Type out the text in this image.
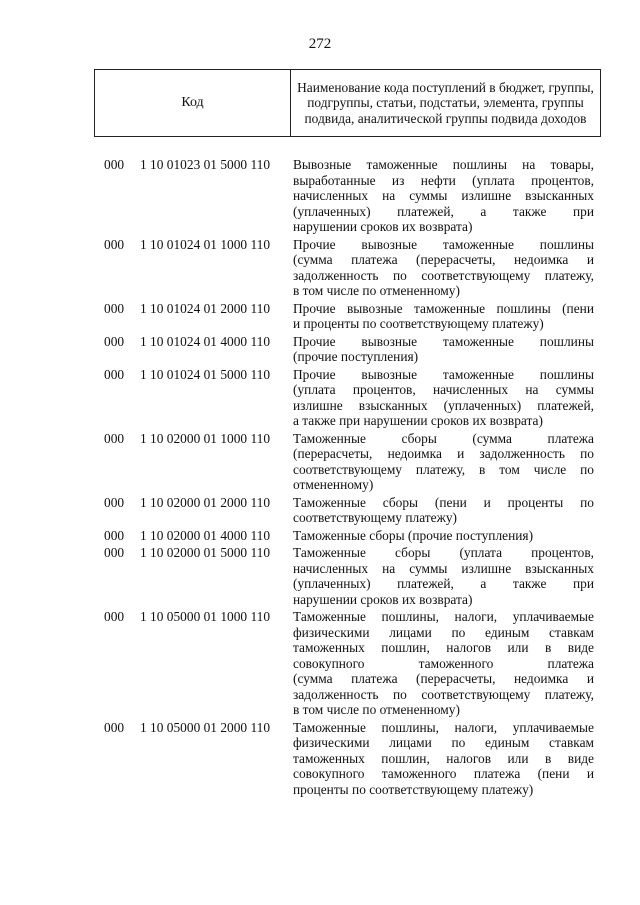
272
Код
Наименование кода поступлений в бюджет, группы, подгруппы, статьи, подстатьи, элемента, группы подвида, аналитической группы подвида доходов
000	1 10 01023 01 5000 110	Вывозные таможенные пошлины на товары,
выработанные из нефти (уплата процентов,
начисленных на суммы излишне взысканных
(уплаченных) платежей, а также при
нарушении сроков их возврата)
000	1 10 01024 01 1000 110	Прочие вывозные таможенные пошлины
(сумма платежа (перерасчеты, недоимка и
задолженность по соответствующему платежу,
в том числе по отмененному)
000	1 10 01024 01 2000 110	Прочие вывозные таможенные пошлины (пени
и проценты по соответствующему платежу)
000	1 10 01024 01 4000 110	Прочие вывозные таможенные пошлины
(прочие поступления)
000	1 10 01024 01 5000 110	Прочие вывозные таможенные пошлины
(уплата процентов, начисленных на суммы
излишне взысканных (уплаченных) платежей,
а также при нарушении сроков их возврата)
000	1 10 02000 01 1000 110	Таможенные сборы (сумма платежа
(перерасчеты, недоимка и задолженность по
соответствующему платежу, в том числе по
отмененному)
000	1 10 02000 01 2000 110	Таможенные сборы (пени и проценты по
соответствующему платежу)
000	1 10 02000 01 4000 110	Таможенные сборы (прочие поступления)
000	1 10 02000 01 5000 110	Таможенные сборы (уплата процентов,
начисленных на суммы излишне взысканных
(уплаченных) платежей, а также при
нарушении сроков их возврата)
000	1 10 05000 01 1000 110	Таможенные пошлины, налоги, уплачиваемые
физическими лицами по единым ставкам
таможенных пошлин, налогов или в виде
совокупного таможенного платежа
(сумма платежа (перерасчеты, недоимка и
задолженность по соответствующему платежу,
в том числе по отмененному)
000	1 10 05000 01 2000 110	Таможенные пошлины, налоги, уплачиваемые
физическими лицами по единым ставкам
таможенных пошлин, налогов или в виде
совокупного таможенного платежа (пени и
проценты по соответствующему платежу)
